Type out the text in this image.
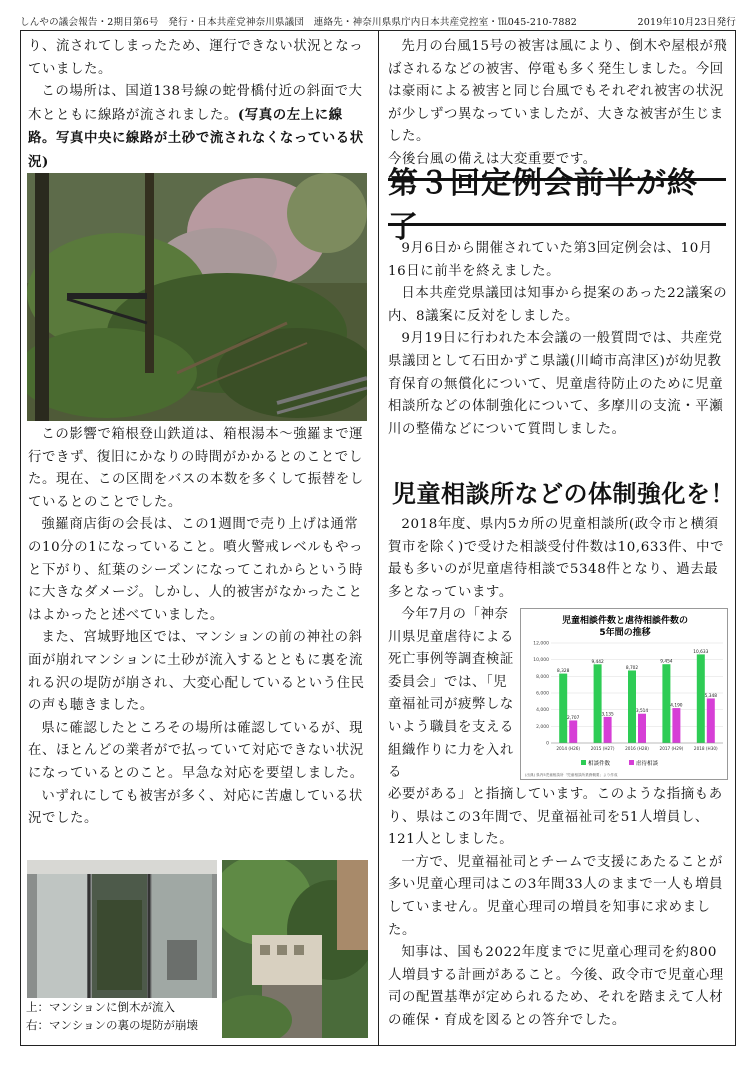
しんやの議会報告・2期目第6号　発行・日本共産党神奈川県議団　連絡先・神奈川県県庁内日本共産党控室・℡045-210-7882	2019年10月23日発行

り、流されてしまったため、運行できない状況となっていました。

この場所は、国道138号線の蛇骨橋付近の斜面で大木とともに線路が流されました。(写真の左上に線路。写真中央に線路が土砂で流されなくなっている状況)

この影響で箱根登山鉄道は、箱根湯本～強羅まで運行できず、復旧にかなりの時間がかかるとのことでした。現在、この区間をバスの本数を多くして振替をしているとのことでした。

強羅商店街の会長は、この1週間で売り上げは通常の10分の1になっていること。噴火警戒レベルもやっと下がり、紅葉のシーズンになってこれからという時に大きなダメージ。しかし、人的被害がなかったことはよかったと述べていました。

また、宮城野地区では、マンションの前の神社の斜面が崩れマンションに土砂が流入するとともに裏を流れる沢の堤防が崩され、大変心配しているという住民の声も聴きました。

県に確認したところその場所は確認しているが、現在、ほとんどの業者がで払っていて対応できない状況になっているとのこと。早急な対応を要望しました。

いずれにしても被害が多く、対応に苦慮している状況でした。

上：マンションに倒木が流入
右：マンションの裏の堤防が崩壊

先月の台風15号の被害は風により、倒木や屋根が飛ばされるなどの被害、停電も多く発生しました。今回は豪雨による被害と同じ台風でもそれぞれ被害の状況が少しずつ異なっていましたが、大きな被害が生じました。

今後台風の備えは大変重要です。

第３回定例会前半が終了

9月6日から開催されていた第3回定例会は、10月16日に前半を終えました。

日本共産党県議団は知事から提案のあった22議案の内、8議案に反対をしました。

9月19日に行われた本会議の一般質問では、共産党県議団として石田かずこ県議(川崎市高津区)が幼児教育保育の無償化について、児童虐待防止のために児童相談所などの体制強化について、多摩川の支流・平瀬川の整備などについて質問しました。

児童相談所などの体制強化を！

2018年度、県内5カ所の児童相談所(政令市と横須賀市を除く)で受けた相談受付件数は10,633件、中で最も多いのが児童虐待相談で5348件となり、過去最多となっています。

今年7月の「神奈川県児童虐待による死亡事例等調査検証委員会」では、「児童福祉司が疲弊しないよう職員を支える組織作りに力を入れる

必要がある」と指摘しています。このような指摘もあり、県はこの3年間で、児童福祉司を51人増員し、121人としました。

一方で、児童福祉司とチームで支援にあたることが多い児童心理司はこの3年間33人のままで一人も増員していません。児童心理司の増員を知事に求めました。

知事は、国も2022年度までに児童心理司を約800人増員する計画があること。今後、政令市で児童心理司の配置基準が定められるため、それを踏まえて人材の確保・育成を図るとの答弁でした。

児童相談件数と虐待相談件数の
5年間の推移
0
2,000
4,000
6,000
8,000
10,000
12,000
8,328
2,707
2014 (H26)
9,442
3,135
2015 (H27)
8,702
3,514
2016 (H28)
9,454
4,190
2017 (H29)
10,633
5,348
2018 (H30)
相談件数	虐待相談
(出典) 県内5児童相談所「児童相談所業務概要」より作成
